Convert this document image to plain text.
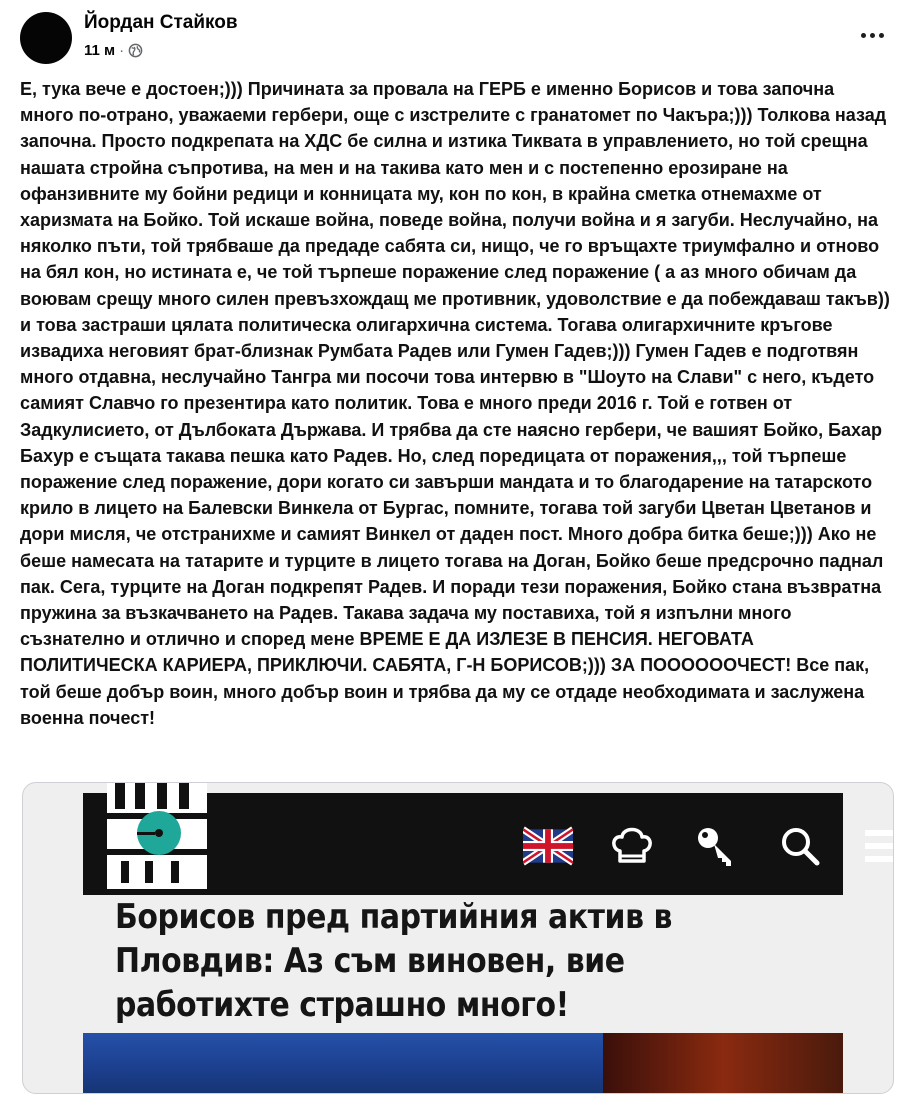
Йордан Стайков
11 м ·
Е, тука вече е достоен;))) Причината за провала на ГЕРБ е именно Борисов и това започна много по-отрано, уважаеми гербери, още с изстрелите с гранатомет по Чакъра;))) Толкова назад започна. Просто подкрепата на ХДС бе силна и изтика Тиквата в управлението, но той срещна нашата стройна съпротива, на мен и на такива като мен и с постепенно ерозиране на офанзивните му бойни редици и конницата му, кон по кон, в крайна сметка отнемахме от харизмата на Бойко. Той искаше война, поведе война, получи война и я загуби. Неслучайно, на няколко пъти, той трябваше да предаде сабята си, нищо, че го връщахте триумфално и отново на бял кон, но истината е, че той търпеше поражение след поражение ( а аз много обичам да воювам срещу много силен превъзхождащ ме противник, удоволствие е да побеждаваш такъв)) и това застраши цялата политическа олигархична система. Тогава олигархичните кръгове извадиха неговият брат-близнак Румбата Радев или Гумен Гадев;))) Гумен Гадев е подготвян много отдавна, неслучайно Тангра ми посочи това интервю в "Шоуто на Слави" с него, където самият Славчо го презентира като политик. Това е много преди 2016 г. Той е готвен от Задкулисието, от Дълбоката Държава. И трябва да сте наясно гербери, че вашият Бойко, Бахар Бахур е същата такава пешка като Радев. Но, след поредицата от поражения,,, той търпеше поражение след поражение, дори когато си завърши мандата и то благодарение на татарското крило в лицето на Балевски Винкела от Бургас, помните, тогава той загуби Цветан Цветанов и дори мисля, че отстранихме и самият Винкел от даден пост. Много добра битка беше;))) Ако не беше намесата на татарите и турците в лицето тогава на Доган, Бойко беше предсрочно паднал пак. Сега, турците на Доган подкрепят Радев. И поради тези поражения, Бойко стана възвратна пружина за възкачването на Радев. Такава задача му поставиха, той я изпълни много съзнателно и отлично и според мене ВРЕМЕ Е ДА ИЗЛЕЗЕ В ПЕНСИЯ. НЕГОВАТА ПОЛИТИЧЕСКА КАРИЕРА, ПРИКЛЮЧИ. САБЯТА, Г-Н БОРИСОВ;))) ЗА ПООООООЧЕСТ! Все пак, той беше добър воин, много добър воин и трябва да му се отдаде необходимата и заслужена военна почест!
Борисов пред партийния актив в Пловдив: Аз съм виновен, вие работихте страшно много!
